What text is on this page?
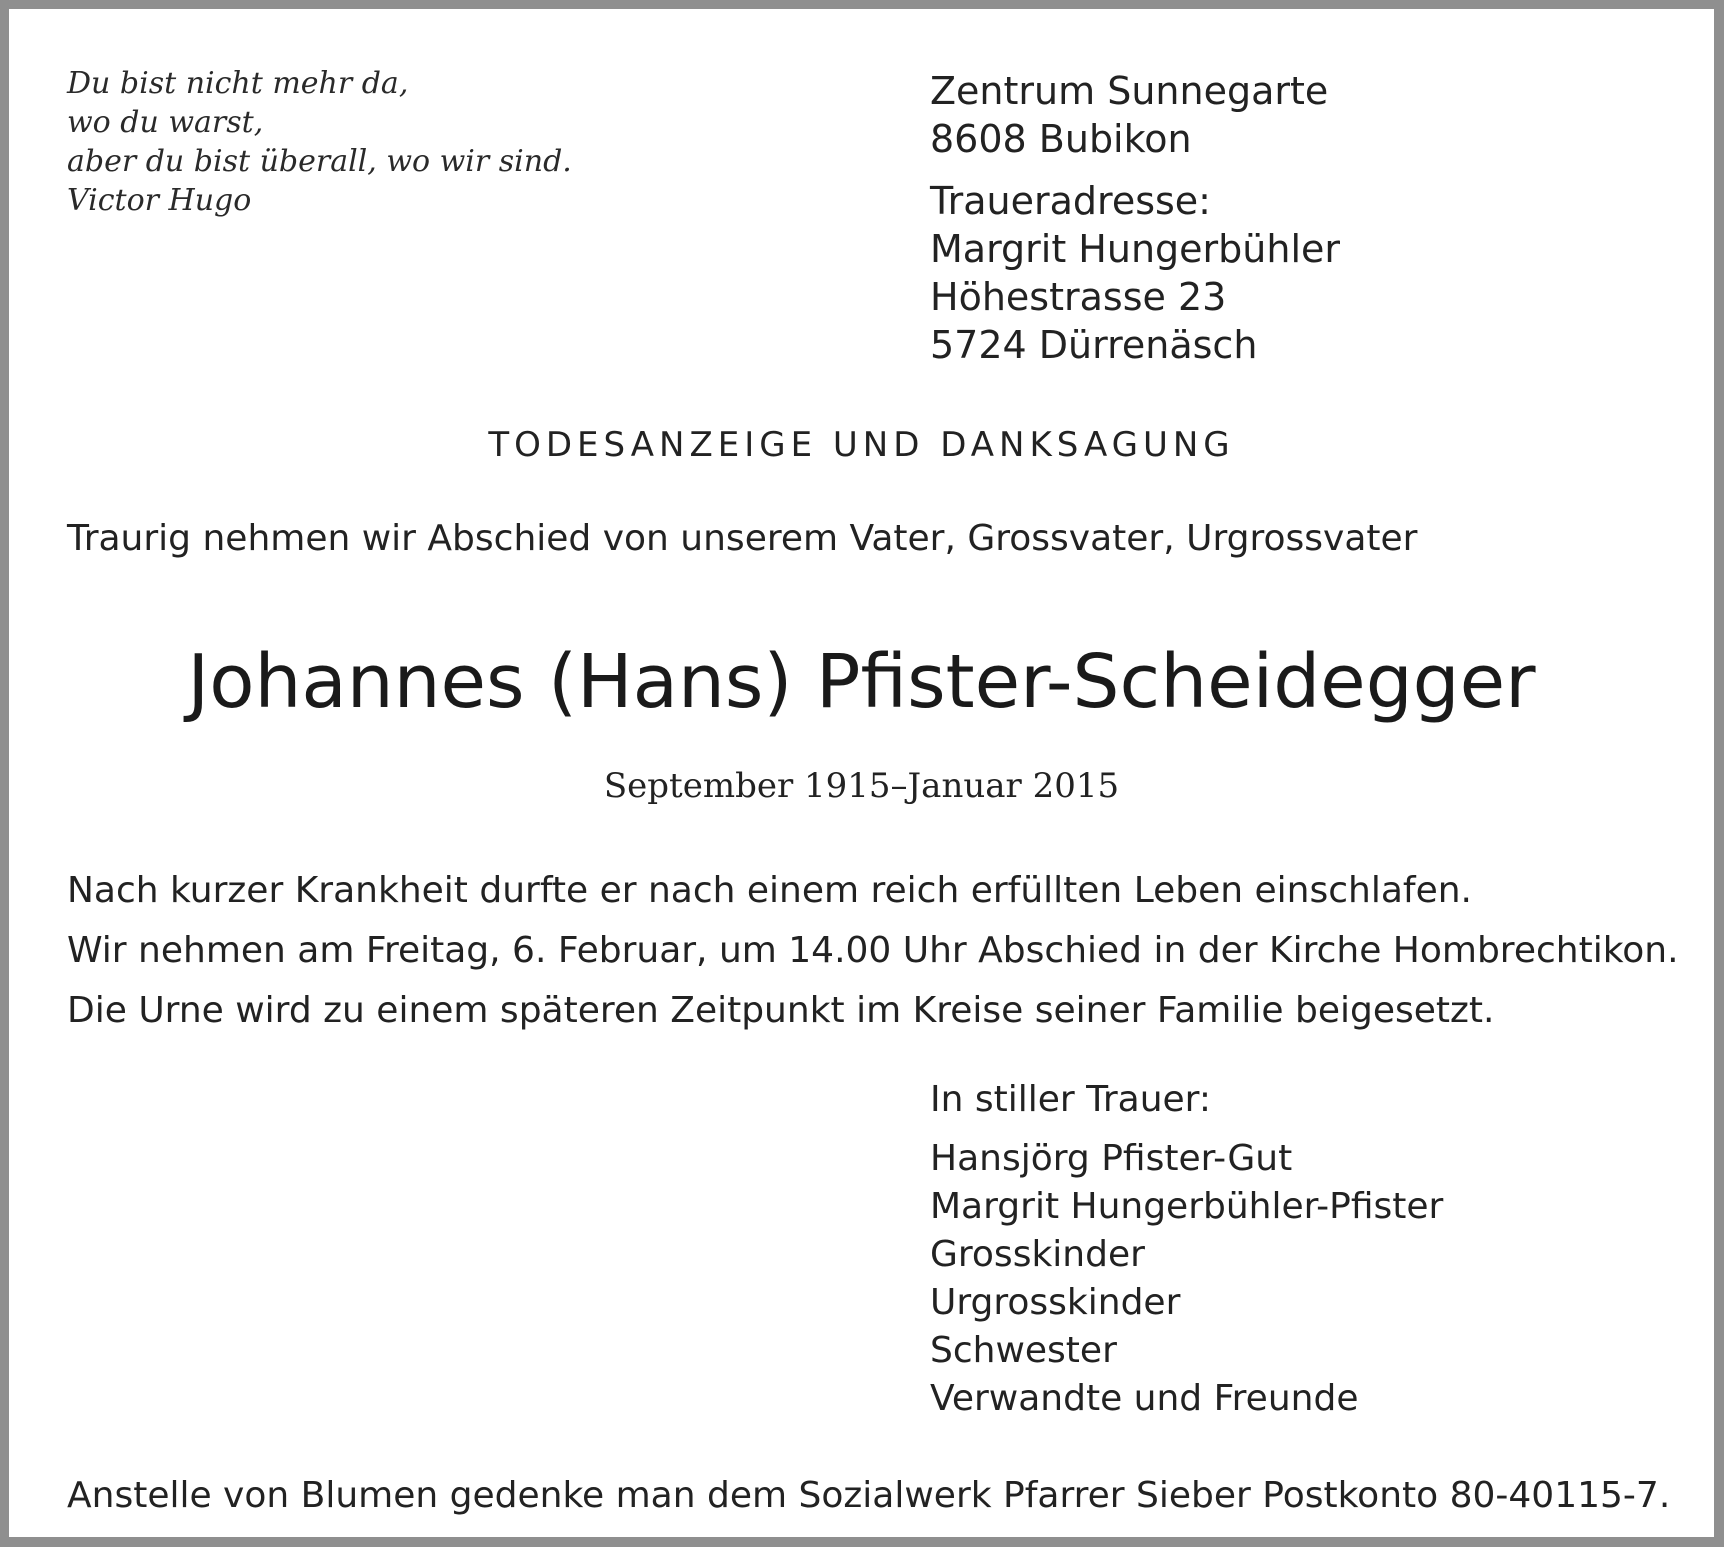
Du bist nicht mehr da,
wo du warst,
aber du bist überall, wo wir sind.
Victor Hugo
Zentrum Sunnegarte
8608 Bubikon
Traueradresse:
Margrit Hungerbühler
Höhestrasse 23
5724 Dürrenäsch
TODESANZEIGE UND DANKSAGUNG
Traurig nehmen wir Abschied von unserem Vater, Grossvater, Urgrossvater
Johannes (Hans) Pfister-Scheidegger
September 1915–Januar 2015
Nach kurzer Krankheit durfte er nach einem reich erfüllten Leben einschlafen.
Wir nehmen am Freitag, 6. Februar, um 14.00 Uhr Abschied in der Kirche Hombrechtikon.
Die Urne wird zu einem späteren Zeitpunkt im Kreise seiner Familie beigesetzt.
In stiller Trauer:
Hansjörg Pfister-Gut
Margrit Hungerbühler-Pfister
Grosskinder
Urgrosskinder
Schwester
Verwandte und Freunde
Anstelle von Blumen gedenke man dem Sozialwerk Pfarrer Sieber Postkonto 80-40115-7.
